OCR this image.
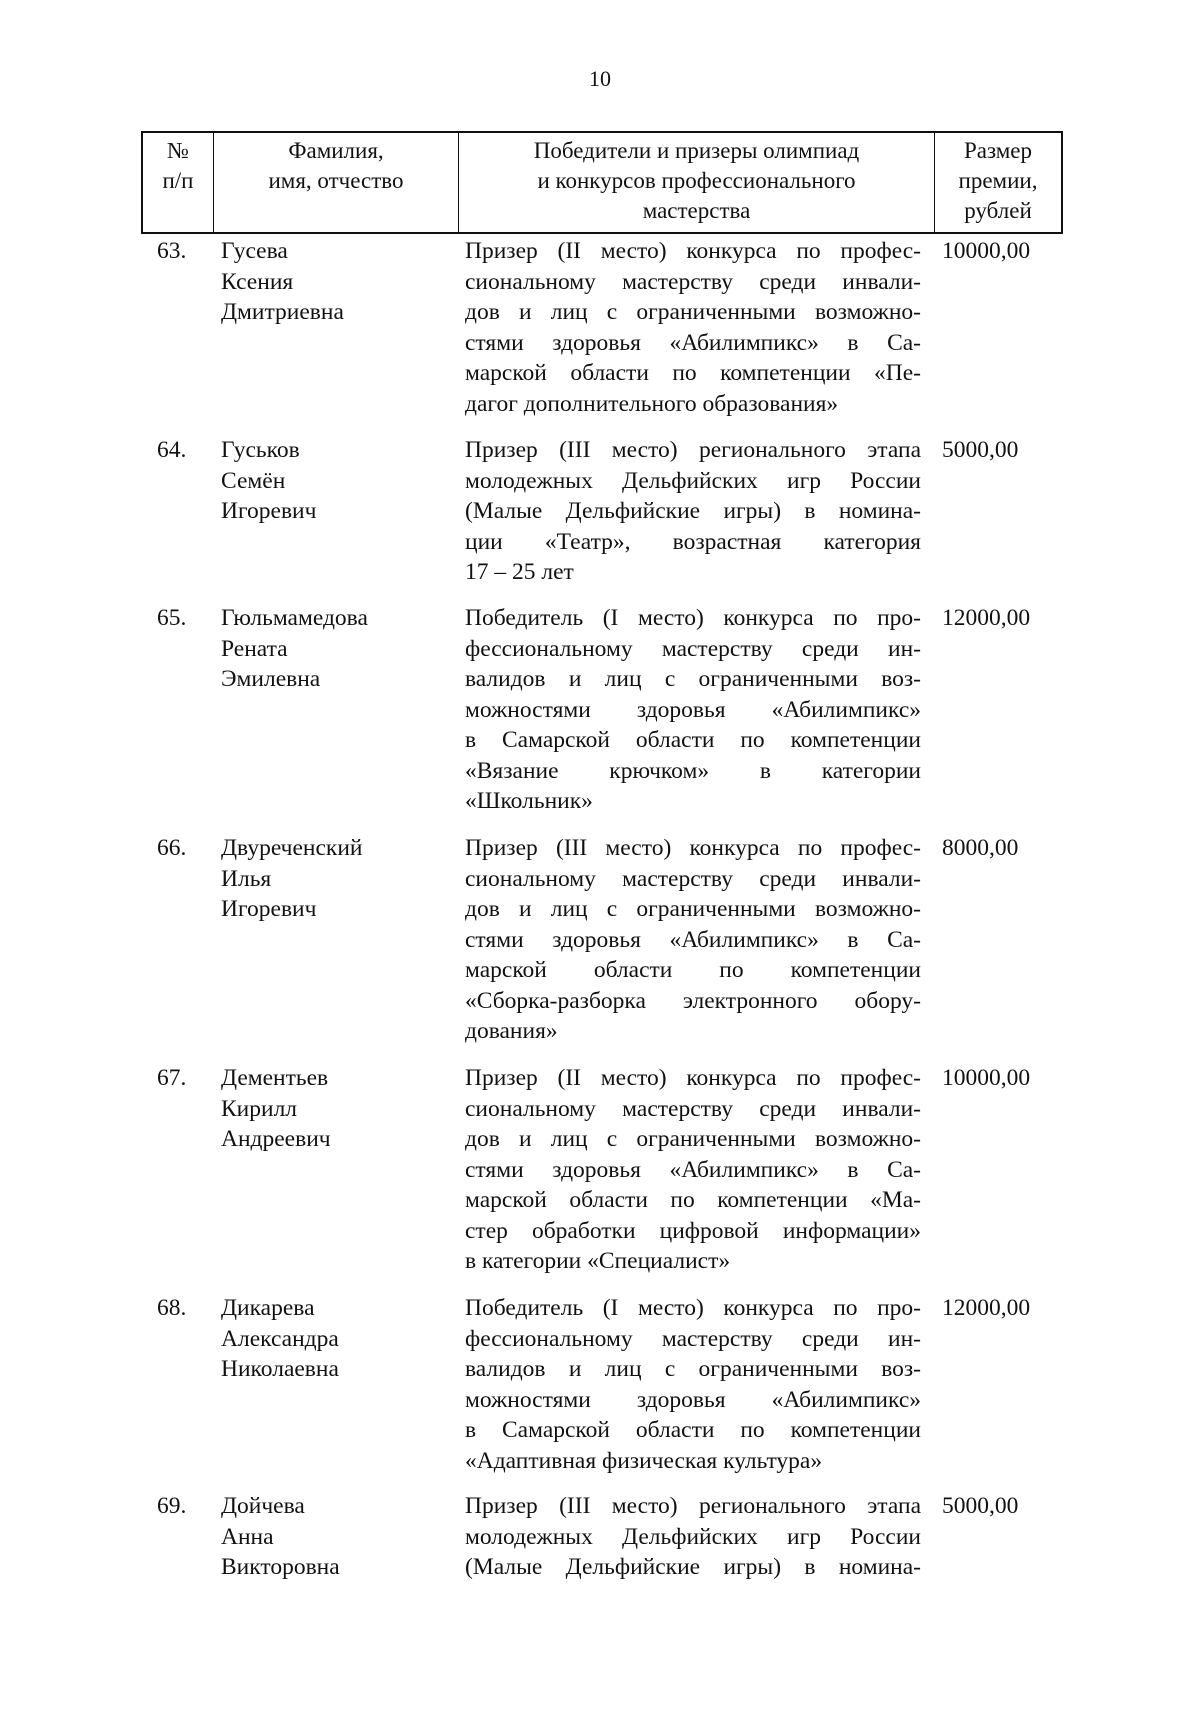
10
№
п/п
Фамилия,
имя, отчество
Победители и призеры олимпиад
и конкурсов профессионального
мастерства
Размер
премии,
рублей
63. Гусева
Ксения
Дмитриевна
Призер (II место) конкурса по профес-
сиональному мастерству среди инвали-
дов и лиц с ограниченными возможно-
стями здоровья «Абилимпикс» в Са-
марской области по компетенции «Пе-
дагог дополнительного образования»
10000,00
64. Гуськов
Семён
Игоревич
Призер (III место) регионального этапа
молодежных Дельфийских игр России
(Малые Дельфийские игры) в номина-
ции «Театр», возрастная категория
17 – 25 лет
5000,00
65. Гюльмамедова
Рената
Эмилевна
Победитель (I место) конкурса по про-
фессиональному мастерству среди ин-
валидов и лиц с ограниченными воз-
можностями здоровья «Абилимпикс»
в Самарской области по компетенции
«Вязание крючком» в категории
«Школьник»
12000,00
66. Двуреченский
Илья
Игоревич
Призер (III место) конкурса по профес-
сиональному мастерству среди инвали-
дов и лиц с ограниченными возможно-
стями здоровья «Абилимпикс» в Са-
марской области по компетенции
«Сборка-разборка электронного обору-
дования»
8000,00
67. Дементьев
Кирилл
Андреевич
Призер (II место) конкурса по профес-
сиональному мастерству среди инвали-
дов и лиц с ограниченными возможно-
стями здоровья «Абилимпикс» в Са-
марской области по компетенции «Ма-
стер обработки цифровой информации»
в категории «Специалист»
10000,00
68. Дикарева
Александра
Николаевна
Победитель (I место) конкурса по про-
фессиональному мастерству среди ин-
валидов и лиц с ограниченными воз-
можностями здоровья «Абилимпикс»
в Самарской области по компетенции
«Адаптивная физическая культура»
12000,00
69. Дойчева
Анна
Викторовна
Призер (III место) регионального этапа
молодежных Дельфийских игр России
(Малые Дельфийские игры) в номина-
5000,00
